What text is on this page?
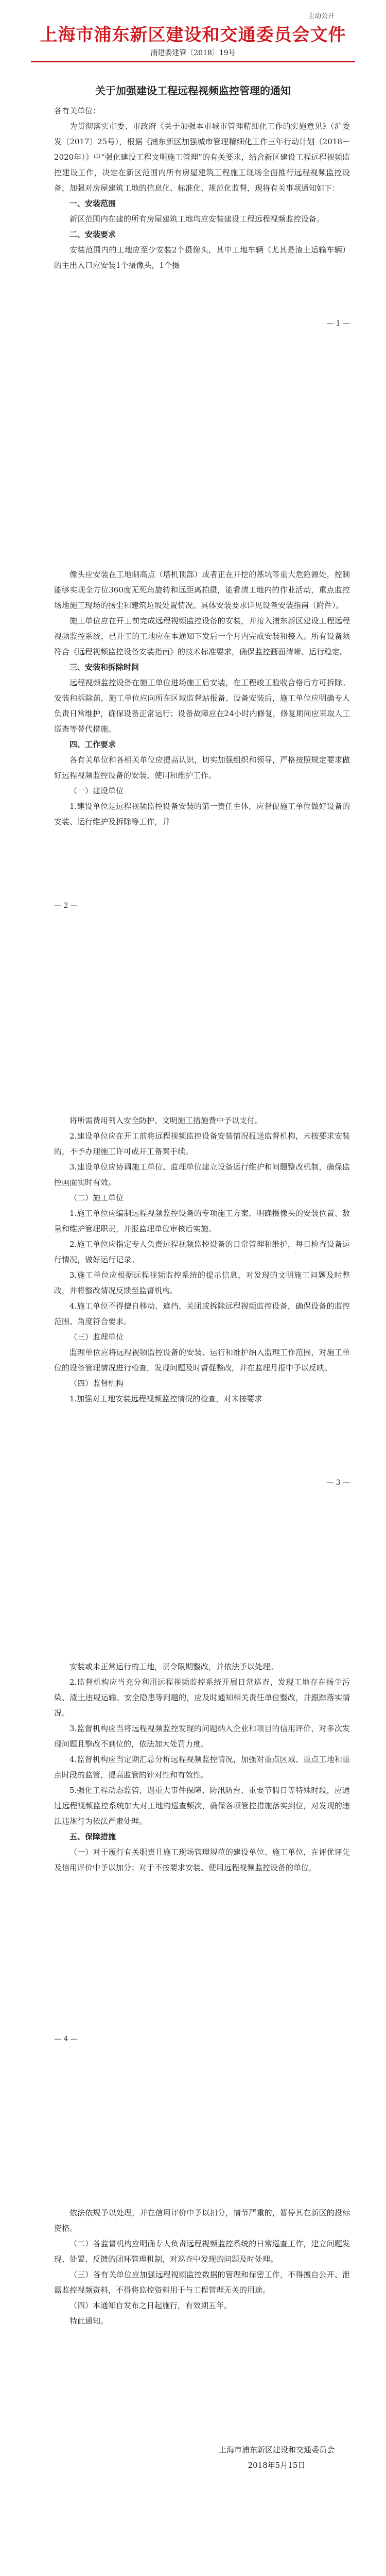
主动公开
上海市浦东新区建设和交通委员会文件
浦建委建管〔2018〕19号
关于加强建设工程远程视频监控管理的通知

各有关单位：

为贯彻落实市委、市政府《关于加强本市城市管理精细化工作的实施意见》（沪委发〔2017〕25号），根据《浦东新区加强城市管理精细化工作三年行动计划（2018－2020年）》中“强化建设工程文明施工管理”的有关要求，结合新区建设工程远程视频监控建设工作，决定在新区范围内所有房屋建筑工程施工现场全面推行远程视频监控设备，加强对房屋建筑工地的信息化、标准化、规范化监督，现将有关事项通知如下：

一、安装范围

新区范围内在建的所有房屋建筑工地均应安装建设工程远程视频监控设备。

二、安装要求

安装范围内的工地应至少安装2个摄像头，其中工地车辆（尤其是渣土运输车辆）的主出入口应安装1个摄像头，1个摄

— 1 —

像头应安装在工地制高点（塔机顶部）或者正在开挖的基坑等重大危险源处，控制能够实现全方位360度无死角旋转和远距离拍摄，能看清工地内的作业活动，重点监控场地施工现场的扬尘和建筑垃圾处置情况。具体安装要求详见设备安装指南（附件）。

施工单位应在开工前完成远程视频监控设备的安装，并接入浦东新区建设工程远程视频监控系统，已开工的工地应在本通知下发后一个月内完成安装和接入。所有设备须符合《远程视频监控设备安装指南》的技术标准要求，确保监控画面清晰、运行稳定。

三、安装和拆除时间

远程视频监控设备在施工单位进场施工后安装，在工程竣工验收合格后方可拆除。安装和拆除前，施工单位应向所在区域监督站报备。设备安装后，施工单位应明确专人负责日常维护，确保设备正常运行；设备故障应在24小时内修复，修复期间应采取人工巡查等替代措施。

四、工作要求

各有关单位和各相关单位应提高认识，切实加强组织和领导，严格按照规定要求做好远程视频监控设备的安装、使用和维护工作。

（一）建设单位

1.建设单位是远程视频监控设备安装的第一责任主体，应督促施工单位做好设备的安装、运行维护及拆除等工作，并

— 2 —

将所需费用列入安全防护、文明施工措施费中予以支付。

2.建设单位应在开工前将远程视频监控设备安装情况报送监督机构，未按要求安装的，不予办理施工许可或开工备案手续。

3.建设单位应协调施工单位、监理单位建立设备运行维护和问题整改机制，确保监控画面实时有效。

（二）施工单位

1.施工单位应编制远程视频监控设备的专项施工方案，明确摄像头的安装位置、数量和维护管理职责，并报监理单位审核后实施。

2.施工单位应指定专人负责远程视频监控设备的日常管理和维护，每日检查设备运行情况，做好运行记录。

3.施工单位应根据远程视频监控系统的提示信息，对发现的文明施工问题及时整改，并将整改情况反馈至监督机构。

4.施工单位不得擅自移动、遮挡、关闭或拆除远程视频监控设备，确保设备的监控范围、角度符合要求。

（三）监理单位

监理单位应将远程视频监控设备的安装、运行和维护纳入监理工作范围，对施工单位的设备管理情况进行检查，发现问题及时督促整改，并在监理月报中予以反映。

（四）监督机构

1.加强对工地安装远程视频监控情况的检查，对未按要求

— 3 —

安装或未正常运行的工地，责令限期整改，并依法予以处理。

2.监督机构应当充分利用远程视频监控系统开展日常巡查，发现工地存在扬尘污染、渣土违规运输、安全隐患等问题的，应及时通知相关责任单位整改，并跟踪落实情况。

3.监督机构应当将远程视频监控发现的问题纳入企业和项目的信用评价，对多次发现问题且整改不到位的，依法加大处罚力度。

4.监督机构应当定期汇总分析远程视频监控情况，加强对重点区域、重点工地和重点时段的监管，提高监管的针对性和有效性。

5.强化工程动态监管，遇重大事件保障、防汛防台、重要节假日等特殊时段，应通过远程视频监控系统加大对工地的巡查频次，确保各项管控措施落实到位，对发现的违法违规行为依法严肃处理。

五、保障措施

（一）对于履行有关职责且施工现场管理规范的建设单位、施工单位，在评优评先及信用评价中予以加分；对于不按要求安装、使用远程视频监控设备的单位，

— 4 —

依法依规予以处理，并在信用评价中予以扣分，情节严重的，暂停其在新区的投标资格。

（二）各监督机构应明确专人负责远程视频监控系统的日常巡查工作，建立问题发现、处置、反馈的闭环管理机制，对巡查中发现的问题及时处理。

（三）各有关单位应加强远程视频监控数据的管理和保密工作，不得擅自公开、泄露监控视频资料，不得将监控资料用于与工程管理无关的用途。

（四）本通知自发布之日起施行，有效期五年。

特此通知。

上海市浦东新区建设和交通委员会
2018年5月15日
